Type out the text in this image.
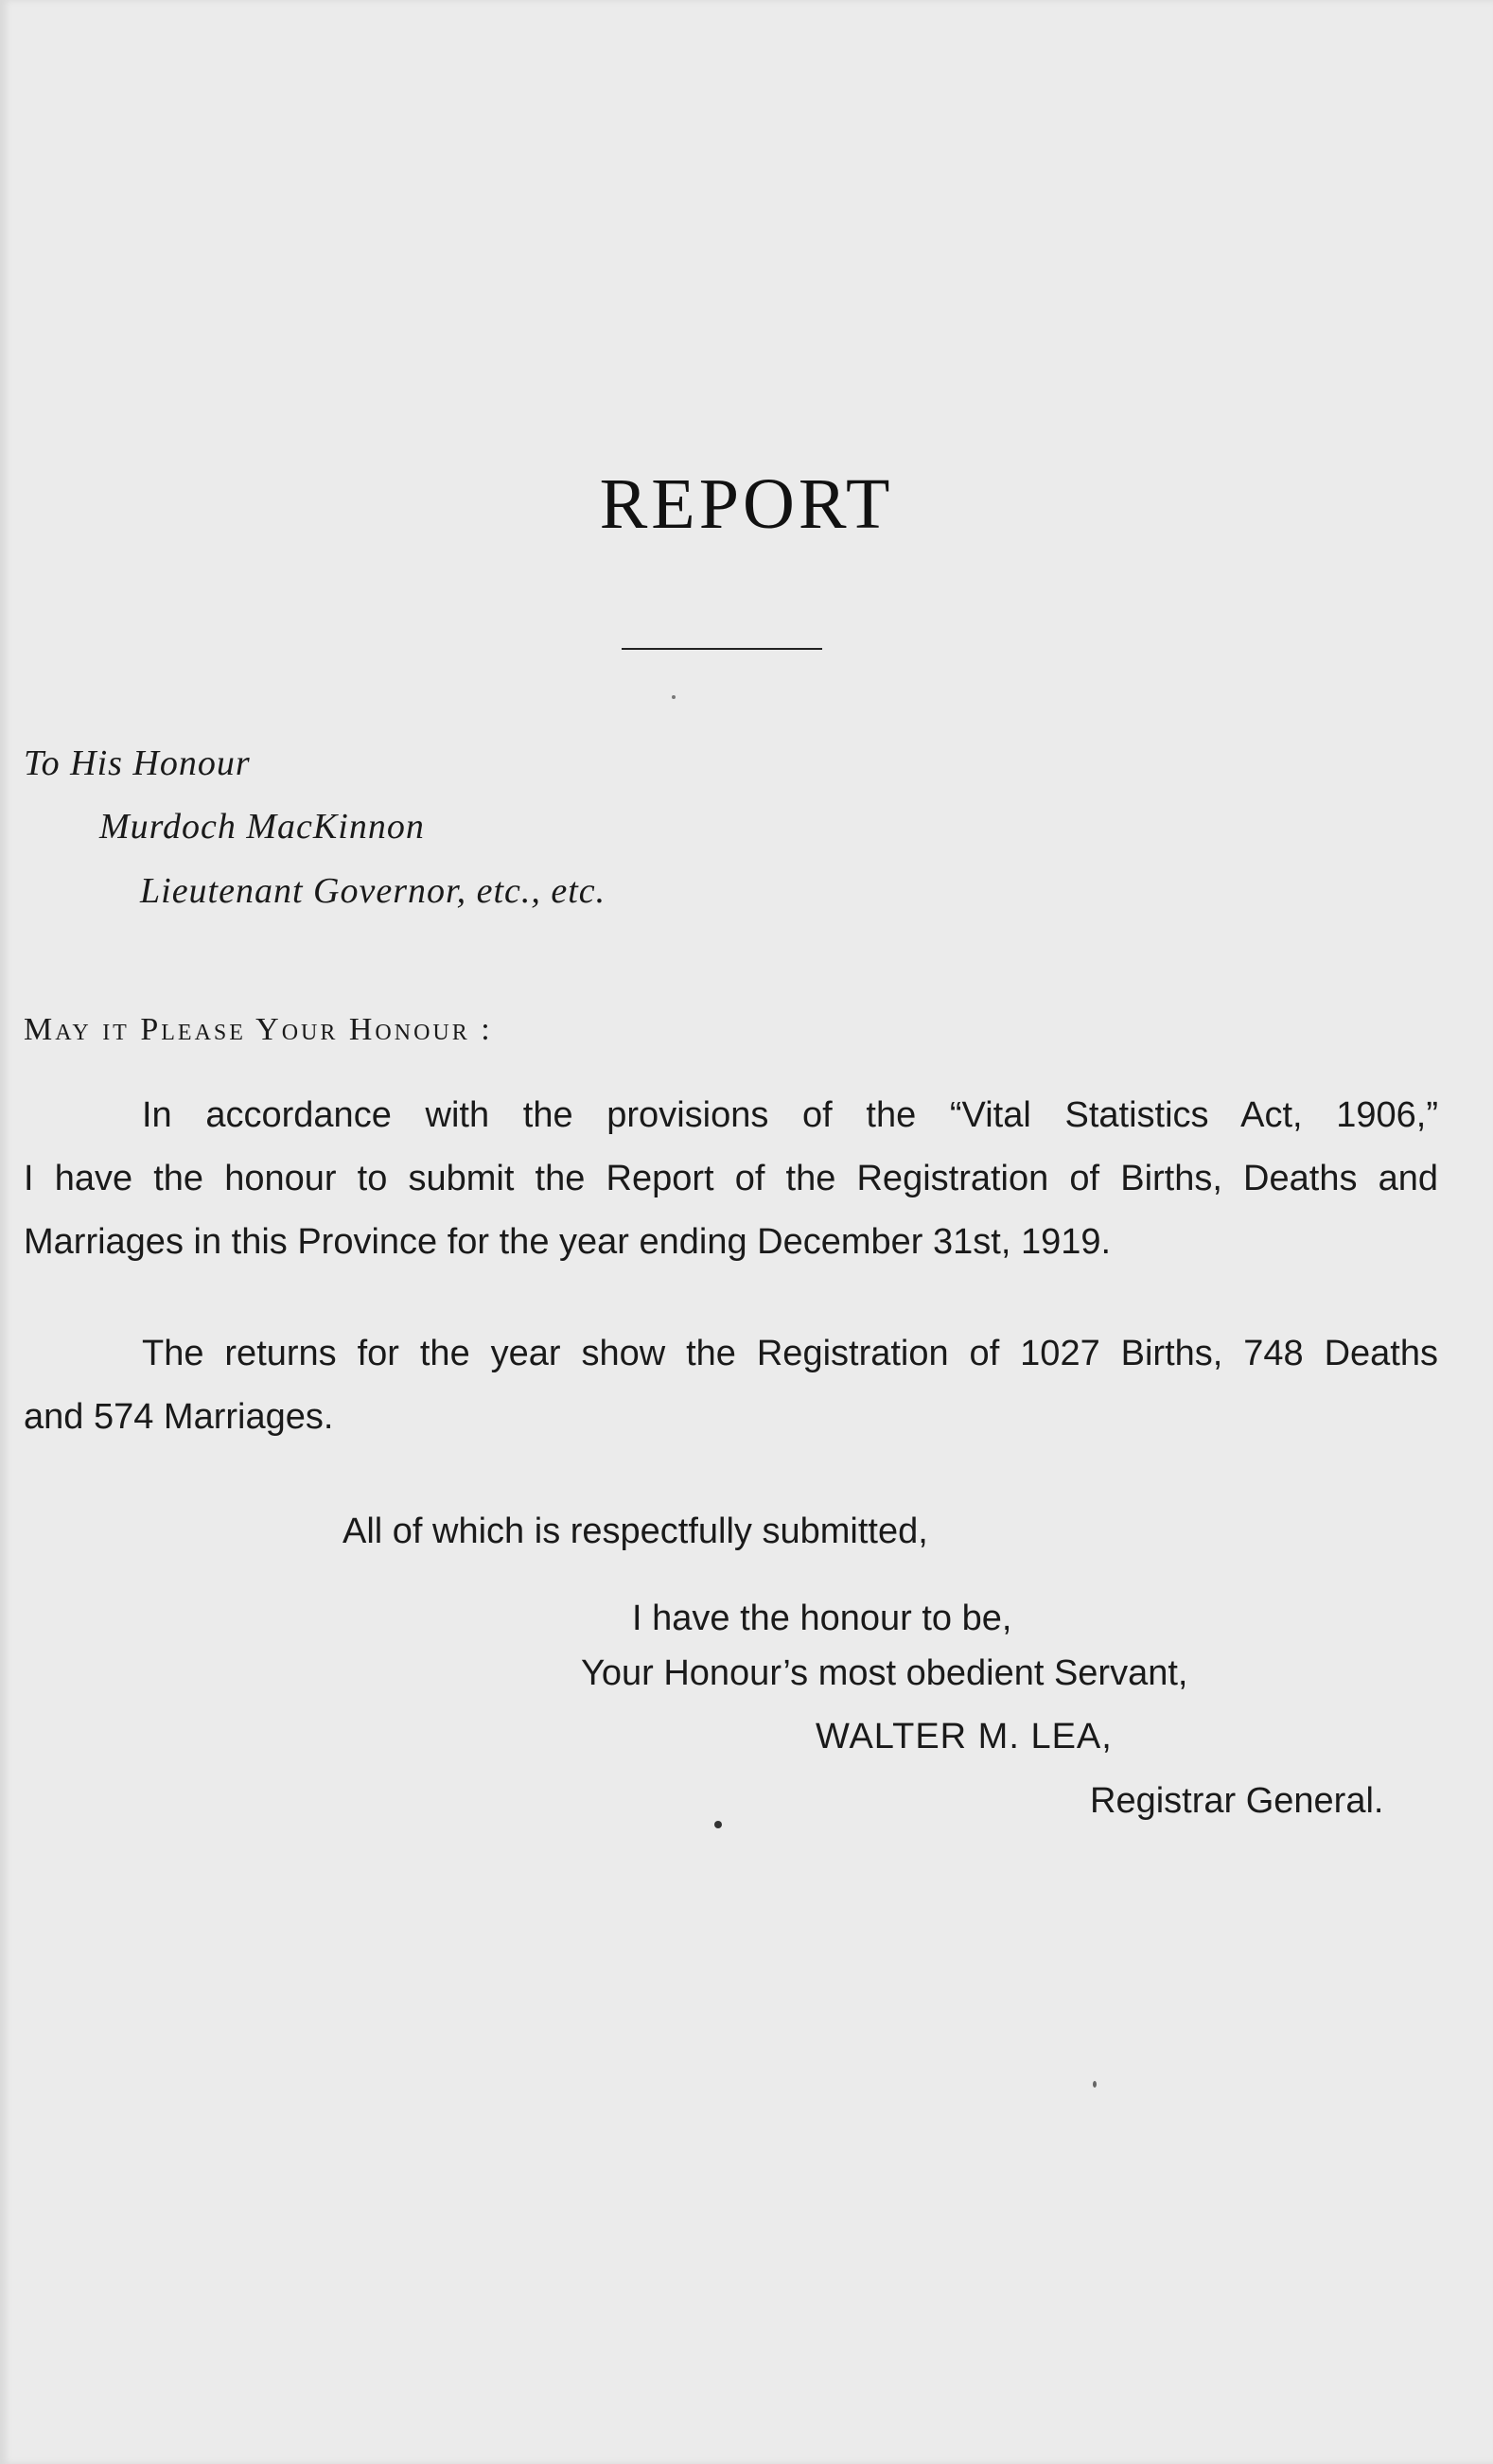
REPORT
To His Honour
Murdoch MacKinnon
Lieutenant Governor, etc., etc.
May it Please Your Honour :
In accordance with the provisions of the “Vital Statistics Act, 1906,”
I have the honour to submit the Report of the Registration of Births, Deaths and
Marriages in this Province for the year ending December 31st, 1919.
The returns for the year show the Registration of 1027 Births, 748 Deaths
and 574 Marriages.
All of which is respectfully submitted,
I have the honour to be,
Your Honour’s most obedient Servant,
WALTER M. LEA,
Registrar General.
